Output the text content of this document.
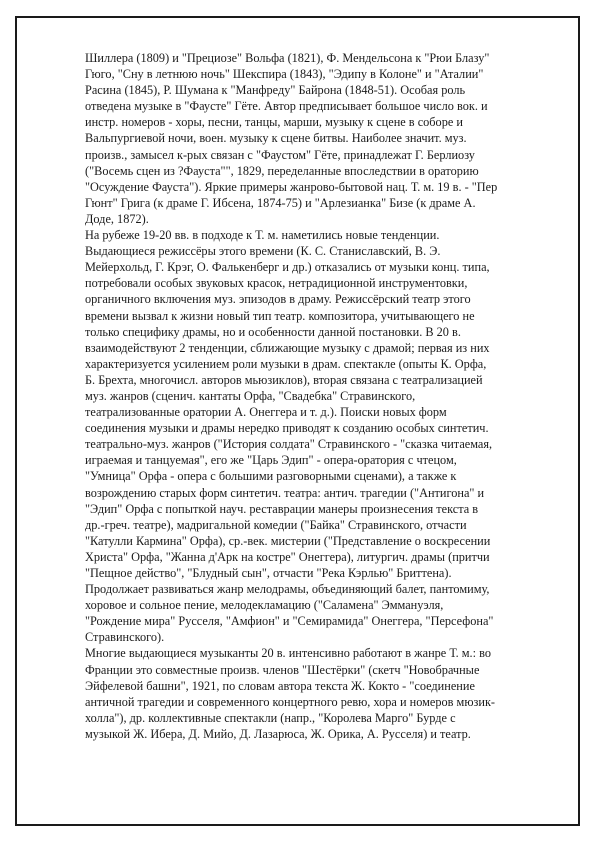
Шиллера (1809) и "Прециозе" Вольфа (1821), Ф. Мендельсона к "Рюи Блазу"
Гюго, "Сну в летнюю ночь" Шекспира (1843), "Эдипу в Колоне" и "Аталии"
Расина (1845), Р. Шумана к "Манфреду" Байрона (1848-51). Особая роль
отведена музыке в "Фаусте" Гёте. Автор предписывает большое число вок. и
инстр. номеров - хоры, песни, танцы, марши, музыку к сцене в соборе и
Вальпургиевой ночи, воен. музыку к сцене битвы. Наиболее значит. муз.
произв., замысел к-рых связан с "Фаустом" Гёте, принадлежат Г. Берлиозу
("Восемь сцен из ?Фауста"", 1829, переделанные впоследствии в ораторию
"Осуждение Фауста"). Яркие примеры жанрово-бытовой нац. Т. м. 19 в. - "Пер
Гюнт" Грига (к драме Г. Ибсена, 1874-75) и "Арлезианка" Бизе (к драме А.
Доде, 1872).
На рубеже 19-20 вв. в подходе к Т. м. наметились новые тенденции.
Выдающиеся режиссёры этого времени (К. С. Станиславский, В. Э.
Мейерхольд, Г. Крэг, О. Фалькенберг и др.) отказались от музыки конц. типа,
потребовали особых звуковых красок, нетрадиционной инструментовки,
органичного включения муз. эпизодов в драму. Режиссёрский театр этого
времени вызвал к жизни новый тип театр. композитора, учитывающего не
только специфику драмы, но и особенности данной постановки. В 20 в.
взаимодействуют 2 тенденции, сближающие музыку с драмой; первая из них
характеризуется усилением роли музыки в драм. спектакле (опыты К. Орфа,
Б. Брехта, многочисл. авторов мьюзиклов), вторая связана с театрализацией
муз. жанров (сценич. кантаты Орфа, "Свадебка" Стравинского,
театрализованные оратории А. Онеггера и т. д.). Поиски новых форм
соединения музыки и драмы нередко приводят к созданию особых синтетич.
театрально-муз. жанров ("История солдата" Стравинского - "сказка читаемая,
играемая и танцуемая", его же "Царь Эдип" - опера-оратория с чтецом,
"Умница" Орфа - опера с большими разговорными сценами), а также к
возрождению старых форм синтетич. театра: антич. трагедии ("Антигона" и
"Эдип" Орфа с попыткой науч. реставрации манеры произнесения текста в
др.-греч. театре), мадригальной комедии ("Байка" Стравинского, отчасти
"Катулли Кармина" Орфа), ср.-век. мистерии ("Представление о воскресении
Христа" Орфа, "Жанна д'Арк на костре" Онеггера), литургич. драмы (притчи
"Пещное действо", "Блудный сын", отчасти "Река Кэрлью" Бриттена).
Продолжает развиваться жанр мелодрамы, объединяющий балет, пантомиму,
хоровое и сольное пение, мелодекламацию ("Саламена" Эммануэля,
"Рождение мира" Русселя, "Амфион" и "Семирамида" Онеггера, "Персефона"
Стравинского).
Многие выдающиеся музыканты 20 в. интенсивно работают в жанре Т. м.: во
Франции это совместные произв. членов "Шестёрки" (скетч "Новобрачные
Эйфелевой башни", 1921, по словам автора текста Ж. Кокто - "соединение
античной трагедии и современного концертного ревю, хора и номеров мюзик-
холла"), др. коллективные спектакли (напр., "Королева Марго" Бурде с
музыкой Ж. Ибера, Д. Мийо, Д. Лазарюса, Ж. Орика, А. Русселя) и театр.
